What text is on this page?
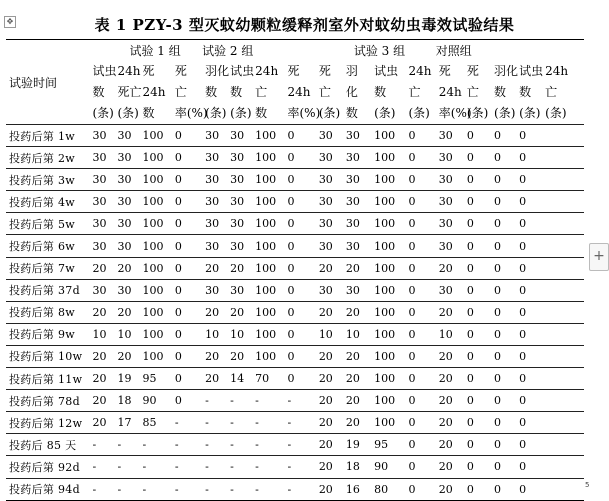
表 1 PZY-3 型灭蚊幼颗粒缓释剂室外对蚊幼虫毒效试验结果
✥
+
5
试验时间	试验 1 组				试验 2 组				试验 3 组				对照组				
	试虫	24h	死	死	羽化	试虫	24h	死	死	羽	试虫	24h	死	死	羽化	试虫	24h
	数	死亡	24h	亡	数	数	亡	24h	亡	化	数	亡	24h	亡	数	数	亡
	(条)	(条)	数	率(%)	(条)	(条)	数	率(%)	(条)	数	(条)	(条)	率(%)	(条)	(条)	(条)	(条)
投药后第 1w	30	30	100	0	30	30	100	0	30	30	100	0	30	0	0	0	
投药后第 2w	30	30	100	0	30	30	100	0	30	30	100	0	30	0	0	0	
投药后第 3w	30	30	100	0	30	30	100	0	30	30	100	0	30	0	0	0	
投药后第 4w	30	30	100	0	30	30	100	0	30	30	100	0	30	0	0	0	
投药后第 5w	30	30	100	0	30	30	100	0	30	30	100	0	30	0	0	0	
投药后第 6w	30	30	100	0	30	30	100	0	30	30	100	0	30	0	0	0	
投药后第 7w	20	20	100	0	20	20	100	0	20	20	100	0	20	0	0	0	
投药后第 37d	30	30	100	0	30	30	100	0	30	30	100	0	30	0	0	0	
投药后第 8w	20	20	100	0	20	20	100	0	20	20	100	0	20	0	0	0	
投药后第 9w	10	10	100	0	10	10	100	0	10	10	100	0	10	0	0	0	
投药后第 10w	20	20	100	0	20	20	100	0	20	20	100	0	20	0	0	0	
投药后第 11w	20	19	95	0	20	14	70	0	20	20	100	0	20	0	0	0	
投药后第 78d	20	18	90	0	-	-	-	-	20	20	100	0	20	0	0	0	
投药后第 12w	20	17	85	-	-	-	-	-	20	20	100	0	20	0	0	0	
投药后 85 天	-	-	-	-	-	-	-	-	20	19	95	0	20	0	0	0	
投药后第 92d	-	-	-	-	-	-	-	-	20	18	90	0	20	0	0	0	
投药后第 94d	-	-	-	-	-	-	-	-	20	16	80	0	20	0	0	0	
